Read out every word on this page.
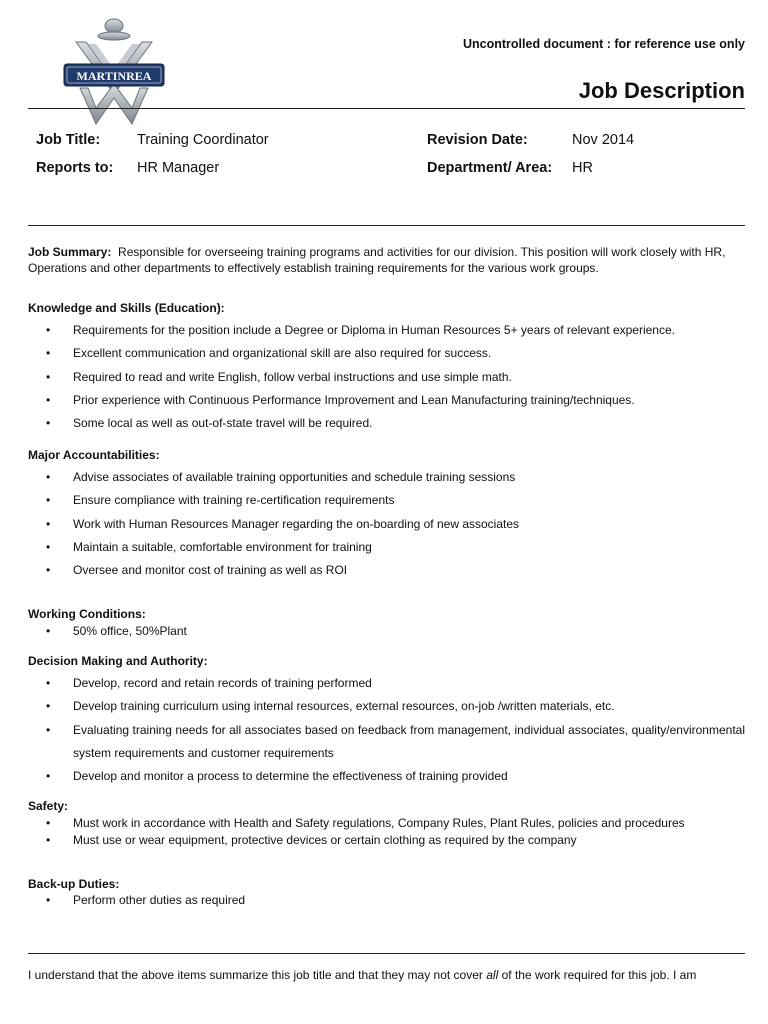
MARTINREA
Uncontrolled document : for reference use only
Job Description
Job Title:	Training Coordinator
Reports to: HR Manager
Revision Date:	Nov 2014
Department/ Area: HR
Job Summary: Responsible for overseeing training programs and activities for our division. This position will work closely with HR, Operations and other departments to effectively establish training requirements for the various work groups.
Knowledge and Skills (Education):
• Requirements for the position include a Degree or Diploma in Human Resources 5+ years of relevant experience.
• Excellent communication and organizational skill are also required for success.
• Required to read and write English, follow verbal instructions and use simple math.
• Prior experience with Continuous Performance Improvement and Lean Manufacturing training/techniques.
• Some local as well as out-of-state travel will be required.
Major Accountabilities:
• Advise associates of available training opportunities and schedule training sessions
• Ensure compliance with training re-certification requirements
• Work with Human Resources Manager regarding the on-boarding of new associates
• Maintain a suitable, comfortable environment for training
• Oversee and monitor cost of training as well as ROI
Working Conditions:
• 50% office, 50%Plant
Decision Making and Authority:
• Develop, record and retain records of training performed
• Develop training curriculum using internal resources, external resources, on-job /written materials, etc.
• Evaluating training needs for all associates based on feedback from management, individual associates, quality/environmental system requirements and customer requirements
• Develop and monitor a process to determine the effectiveness of training provided
Safety:
• Must work in accordance with Health and Safety regulations, Company Rules, Plant Rules, policies and procedures
• Must use or wear equipment, protective devices or certain clothing as required by the company
Back-up Duties:
• Perform other duties as required
I understand that the above items summarize this job title and that they may not cover all of the work required for this job. I am
